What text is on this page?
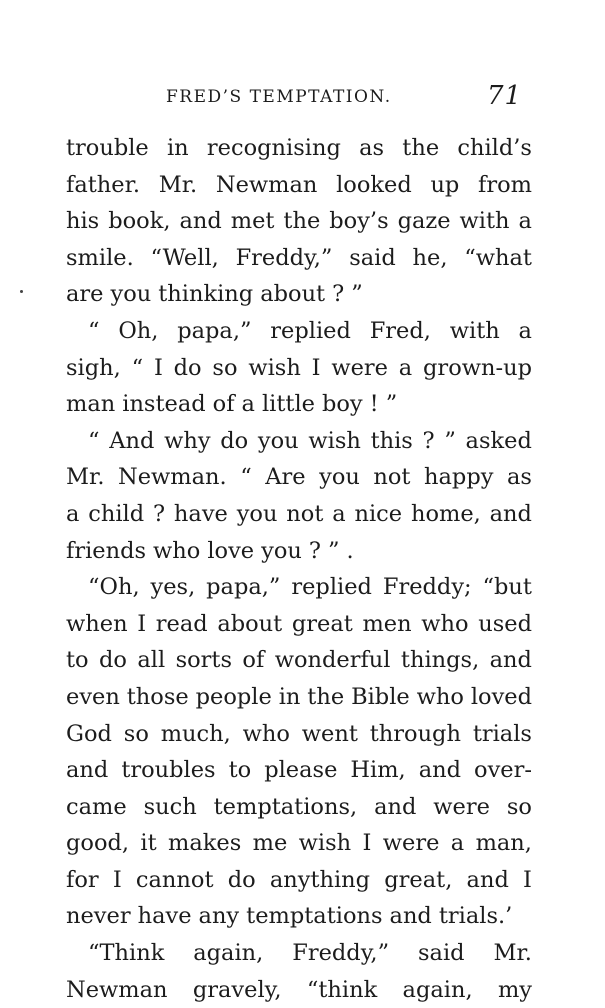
FRED’S TEMPTATION.	71
trouble in recognising as the child’s
father. Mr. Newman looked up from
his book, and met the boy’s gaze with a
smile. “Well, Freddy,” said he, “what
are you thinking about ? ”
“ Oh, papa,” replied Fred, with a
sigh, “ I do so wish I were a grown-up
man instead of a little boy ! ”
“ And why do you wish this ? ” asked
Mr. Newman. “ Are you not happy as
a child ? have you not a nice home, and
friends who love you ? ” .
“Oh, yes, papa,” replied Freddy; “but
when I read about great men who used
to do all sorts of wonderful things, and
even those people in the Bible who loved
God so much, who went through trials
and troubles to please Him, and over-
came such temptations, and were so
good, it makes me wish I were a man,
for I cannot do anything great, and I
never have any temptations and trials.’
“Think again, Freddy,” said Mr.
Newman gravely, “think again, my
